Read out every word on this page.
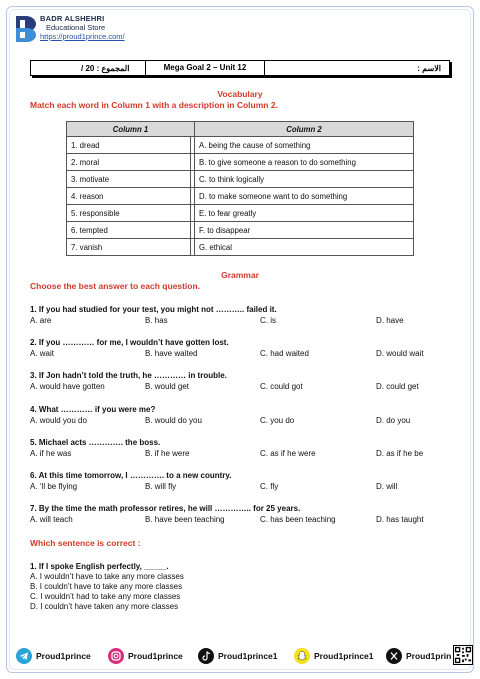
BADR ALSHEHRI
Educational Store
https://proud1prince.com/
المجموع : 20 /	Mega Goal 2 – Unit 12	الاسم :
Vocabulary
Match each word in Column 1 with a description in Column 2.
Column 1		Column 2
1. dread		A. being the cause of something
2. moral		B. to give someone a reason to do something
3. motivate		C. to think logically
4. reason		D. to make someone want to do something
5. responsible		E. to fear greatly
6. tempted		F. to disappear
7. vanish		G. ethical
Grammar
Choose the best answer to each question.
1. If you had studied for your test, you might not ……….. failed it.
A. are	B. has	C. is	D. have
2. If you ………… for me, I wouldn’t have gotten lost.
A. wait	B. have waited	C. had waited	D. would wait
3. If Jon hadn’t told the truth, he ………… in trouble.
A. would have gotten	B. would get	C. could got	D. could get
4. What ………… if you were me?
A. would you do	B. would do you	C. you do	D. do you
5. Michael acts …………. the boss.
A. if he was	B. if he were	C. as if he were	D. as if he be
6. At this time tomorrow, I …………. to a new country.
A. ‘ll be flying	B. will fly	C. fly	D. will
7. By the time the math professor retires, he will ………….. for 25 years.
A. will teach	B. have been teaching	C. has been teaching	D. has taught
Which sentence is correct :
1. If I spoke English perfectly, _____.
A. I wouldn’t have to take any more classes
B. I couldn’t have to take any more classes
C. I wouldn’t had to take any more classes
D. I couldn’t have taken any more classes
Proud1prince	Proud1prince	Proud1prince1	Proud1prince1	Proud1prin
